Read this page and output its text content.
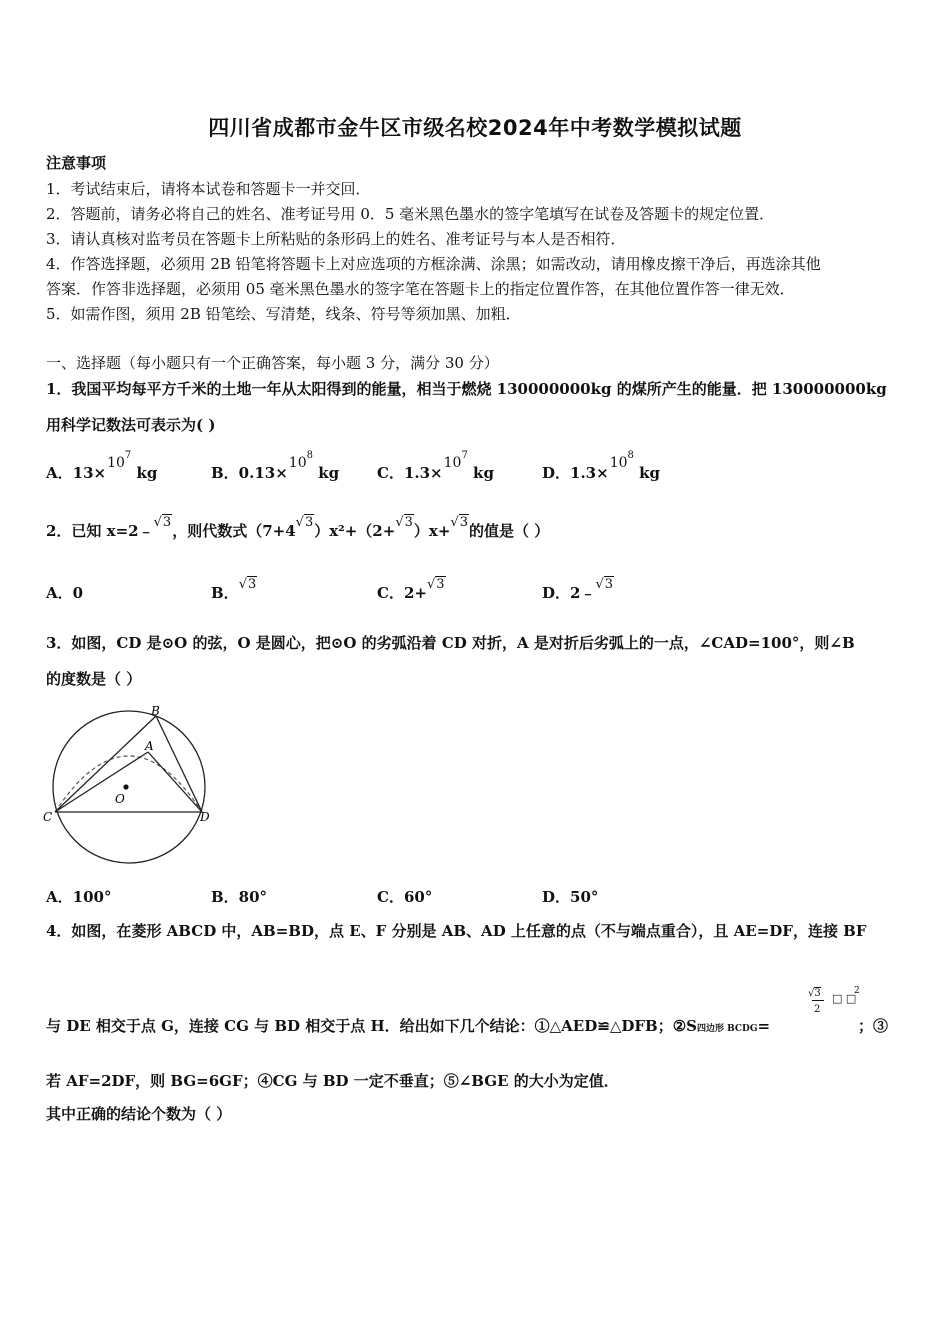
四川省成都市金牛区市级名校2024年中考数学模拟试题
注意事项
1．考试结束后，请将本试卷和答题卡一并交回．
2．答题前，请务必将自己的姓名、准考证号用 0．5 毫米黑色墨水的签字笔填写在试卷及答题卡的规定位置．
3．请认真核对监考员在答题卡上所粘贴的条形码上的姓名、准考证号与本人是否相符．
4．作答选择题，必须用 2B 铅笔将答题卡上对应选项的方框涂满、涂黑；如需改动，请用橡皮擦干净后，再选涂其他
答案．作答非选择题，必须用 05 毫米黑色墨水的签字笔在答题卡上的指定位置作答，在其他位置作答一律无效．
5．如需作图，须用 2B 铅笔绘、写清楚，线条、符号等须加黑、加粗．
一、选择题（每小题只有一个正确答案，每小题 3 分，满分 30 分）
1．我国平均每平方千米的土地一年从太阳得到的能量，相当于燃烧 130000000kg 的煤所产生的能量．把 130000000kg
用科学记数法可表示为( )
A．$13\times 10^7$ kg	B．$0.13\times 10^8$ kg	C．$1.3\times 10^7$ kg	D．$1.3\times 10^8$ kg
2．已知 x=2﹣√3，则代数式（7+4√3）x²+（2+√3）x+√3的值是（ ）
A．0	B．√3	C．2+√3	D．2﹣√3
3．如图，CD 是⊙O 的弦，O 是圆心，把⊙O 的劣弧沿着 CD 对折，A 是对折后劣弧上的一点，∠CAD=100°，则∠B
的度数是（ ）
B
A
O
C	D
A．100°	B．80°	C．60°	D．50°
4．如图，在菱形 ABCD 中，AB=BD，点 E、F 分别是 AB、AD 上任意的点（不与端点重合），且 AE=DF，连接 BF
与 DE 相交于点 G，连接 CG 与 BD 相交于点 H．给出如下几个结论：①△AED≌△DFB；②S四边形 BCDG=
√3
2
□ □
2
；③
若 AF=2DF，则 BG=6GF；④CG 与 BD 一定不垂直；⑤∠BGE 的大小为定值．
其中正确的结论个数为（ ）
